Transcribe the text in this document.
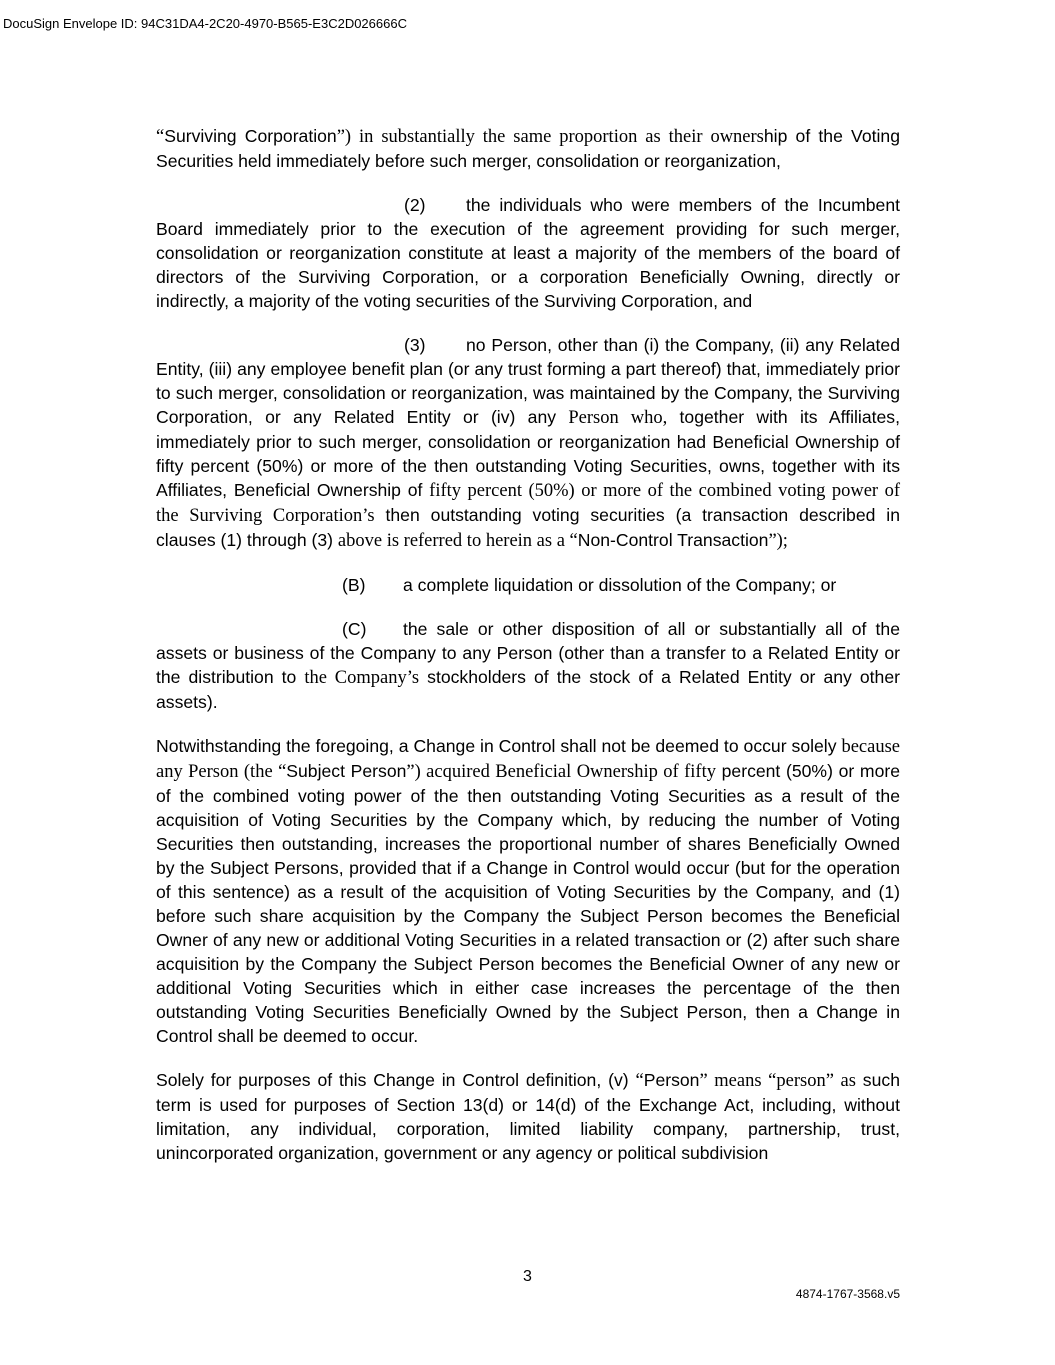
DocuSign Envelope ID: 94C31DA4-2C20-4970-B565-E3C2D026666C

“Surviving Corporation”) in substantially the same proportion as their ownership of the Voting Securities held immediately before such merger, consolidation or reorganization,

(2) the individuals who were members of the Incumbent Board immediately prior to the execution of the agreement providing for such merger, consolidation or reorganization constitute at least a majority of the members of the board of directors of the Surviving Corporation, or a corporation Beneficially Owning, directly or indirectly, a majority of the voting securities of the Surviving Corporation, and

(3) no Person, other than (i) the Company, (ii) any Related Entity, (iii) any employee benefit plan (or any trust forming a part thereof) that, immediately prior to such merger, consolidation or reorganization, was maintained by the Company, the Surviving Corporation, or any Related Entity or (iv) any Person who, together with its Affiliates, immediately prior to such merger, consolidation or reorganization had Beneficial Ownership of fifty percent (50%) or more of the then outstanding Voting Securities, owns, together with its Affiliates, Beneficial Ownership of fifty percent (50%) or more of the combined voting power of the Surviving Corporation’s then outstanding voting securities (a transaction described in clauses (1) through (3) above is referred to herein as a “Non-Control Transaction”);

(B) a complete liquidation or dissolution of the Company; or

(C) the sale or other disposition of all or substantially all of the assets or business of the Company to any Person (other than a transfer to a Related Entity or the distribution to the Company’s stockholders of the stock of a Related Entity or any other assets).

Notwithstanding the foregoing, a Change in Control shall not be deemed to occur solely because any Person (the “Subject Person”) acquired Beneficial Ownership of fifty percent (50%) or more of the combined voting power of the then outstanding Voting Securities as a result of the acquisition of Voting Securities by the Company which, by reducing the number of Voting Securities then outstanding, increases the proportional number of shares Beneficially Owned by the Subject Persons, provided that if a Change in Control would occur (but for the operation of this sentence) as a result of the acquisition of Voting Securities by the Company, and (1) before such share acquisition by the Company the Subject Person becomes the Beneficial Owner of any new or additional Voting Securities in a related transaction or (2) after such share acquisition by the Company the Subject Person becomes the Beneficial Owner of any new or additional Voting Securities which in either case increases the percentage of the then outstanding Voting Securities Beneficially Owned by the Subject Person, then a Change in Control shall be deemed to occur.

Solely for purposes of this Change in Control definition, (v) “Person” means “person” as such term is used for purposes of Section 13(d) or 14(d) of the Exchange Act, including, without limitation, any individual, corporation, limited liability company, partnership, trust, unincorporated organization, government or any agency or political subdivision

3
4874-1767-3568.v5
